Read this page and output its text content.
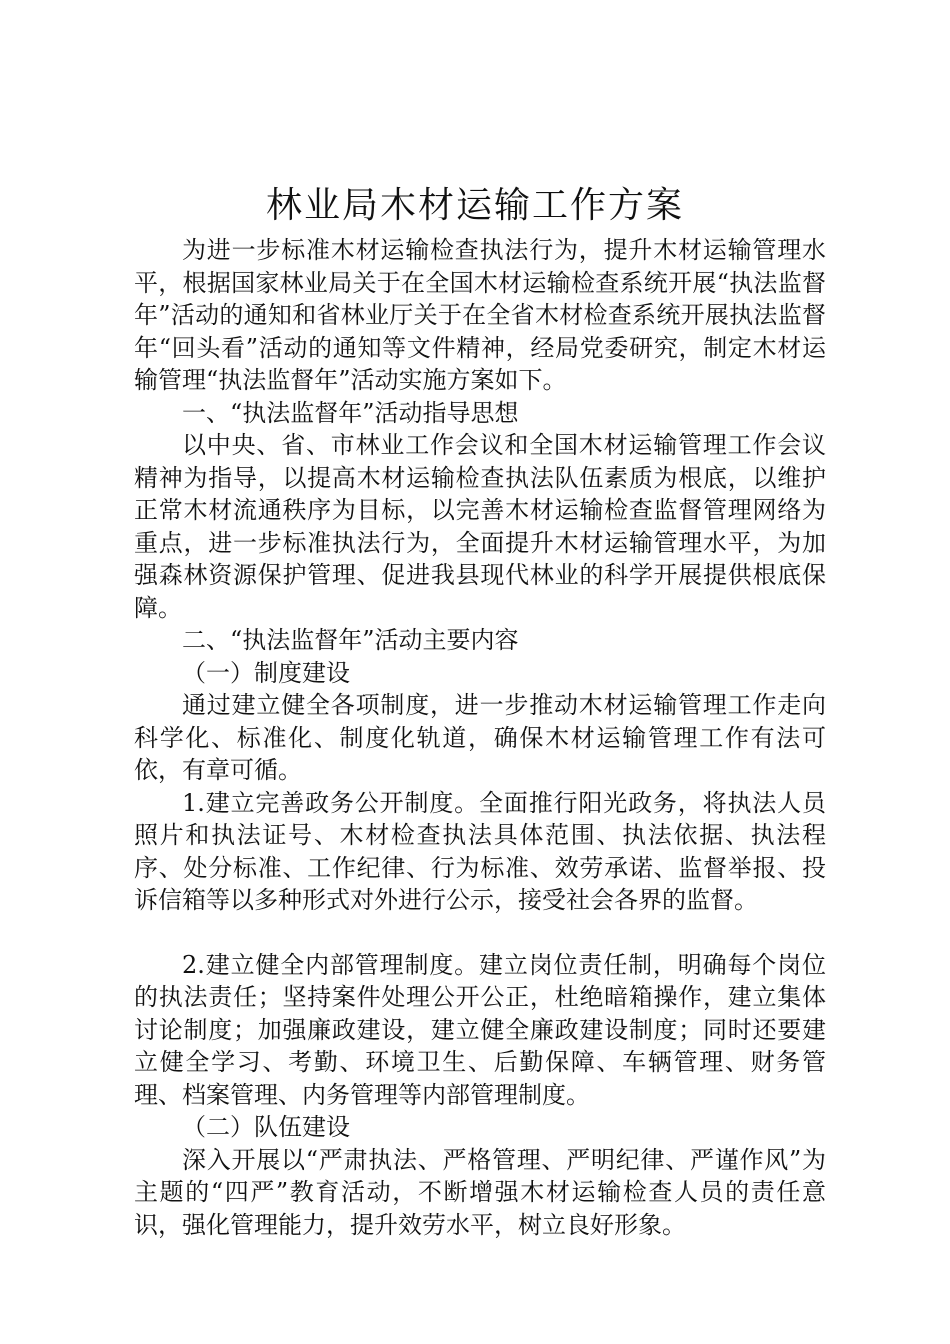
林业局木材运输工作方案

为进一步标准木材运输检查执法行为，提升木材运输管理水平，根据国家林业局关于在全国木材运输检查系统开展“执法监督年”活动的通知和省林业厅关于在全省木材检查系统开展执法监督年“回头看”活动的通知等文件精神，经局党委研究，制定木材运输管理“执法监督年”活动实施方案如下。

一、“执法监督年”活动指导思想

以中央、省、市林业工作会议和全国木材运输管理工作会议精神为指导，以提高木材运输检查执法队伍素质为根底，以维护正常木材流通秩序为目标，以完善木材运输检查监督管理网络为重点，进一步标准执法行为，全面提升木材运输管理水平，为加强森林资源保护管理、促进我县现代林业的科学开展提供根底保障。

二、“执法监督年”活动主要内容

（一）制度建设

通过建立健全各项制度，进一步推动木材运输管理工作走向科学化、标准化、制度化轨道，确保木材运输管理工作有法可依，有章可循。

1.建立完善政务公开制度。全面推行阳光政务，将执法人员照片和执法证号、木材检查执法具体范围、执法依据、执法程序、处分标准、工作纪律、行为标准、效劳承诺、监督举报、投诉信箱等以多种形式对外进行公示，接受社会各界的监督。

2.建立健全内部管理制度。建立岗位责任制，明确每个岗位的执法责任；坚持案件处理公开公正，杜绝暗箱操作，建立集体讨论制度；加强廉政建设，建立健全廉政建设制度；同时还要建立健全学习、考勤、环境卫生、后勤保障、车辆管理、财务管理、档案管理、内务管理等内部管理制度。

（二）队伍建设

深入开展以“严肃执法、严格管理、严明纪律、严谨作风”为主题的“四严”教育活动，不断增强木材运输检查人员的责任意识，强化管理能力，提升效劳水平，树立良好形象。
